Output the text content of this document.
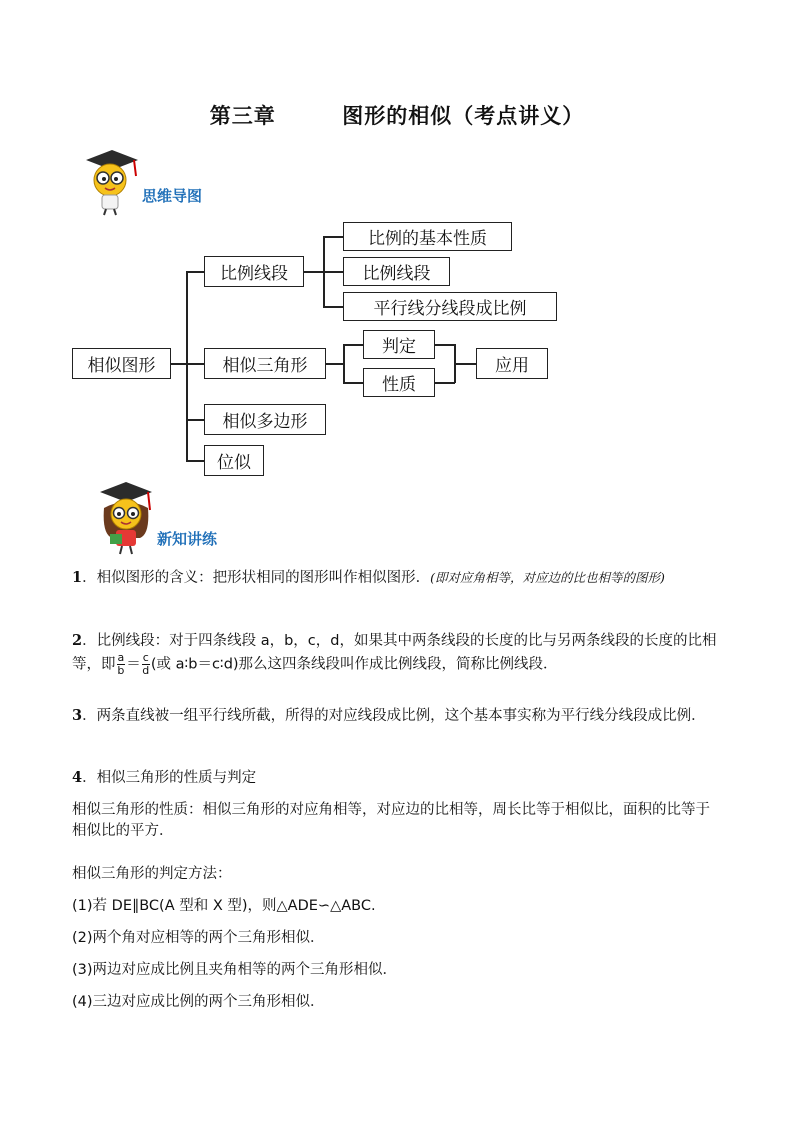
第三章        图形的相似（考点讲义）
思维导图
相似图形
比例线段
比例的基本性质
比例线段
平行线分线段成比例
相似三角形
判定
性质
应用
相似多边形
位似
新知讲练
1．相似图形的含义：把形状相同的图形叫作相似图形．(即对应角相等，对应边的比也相等的图形)
2．比例线段：对于四条线段 a，b，c，d，如果其中两条线段的长度的比与另两条线段的长度的比相等，即 $\frac{a}{b} = \frac{c}{d}$ (或 a∶b＝c∶d)那么这四条线段叫作成比例线段，简称比例线段．
3．两条直线被一组平行线所截，所得的对应线段成比例，这个基本事实称为平行线分线段成比例．
4．相似三角形的性质与判定
相似三角形的性质：相似三角形的对应角相等，对应边的比相等，周长比等于相似比，面积的比等于相似比的平方．
相似三角形的判定方法：
(1)若 DE∥BC(A 型和 X 型)，则△ADE∽△ABC.
(2)两个角对应相等的两个三角形相似．
(3)两边对应成比例且夹角相等的两个三角形相似．
(4)三边对应成比例的两个三角形相似．
